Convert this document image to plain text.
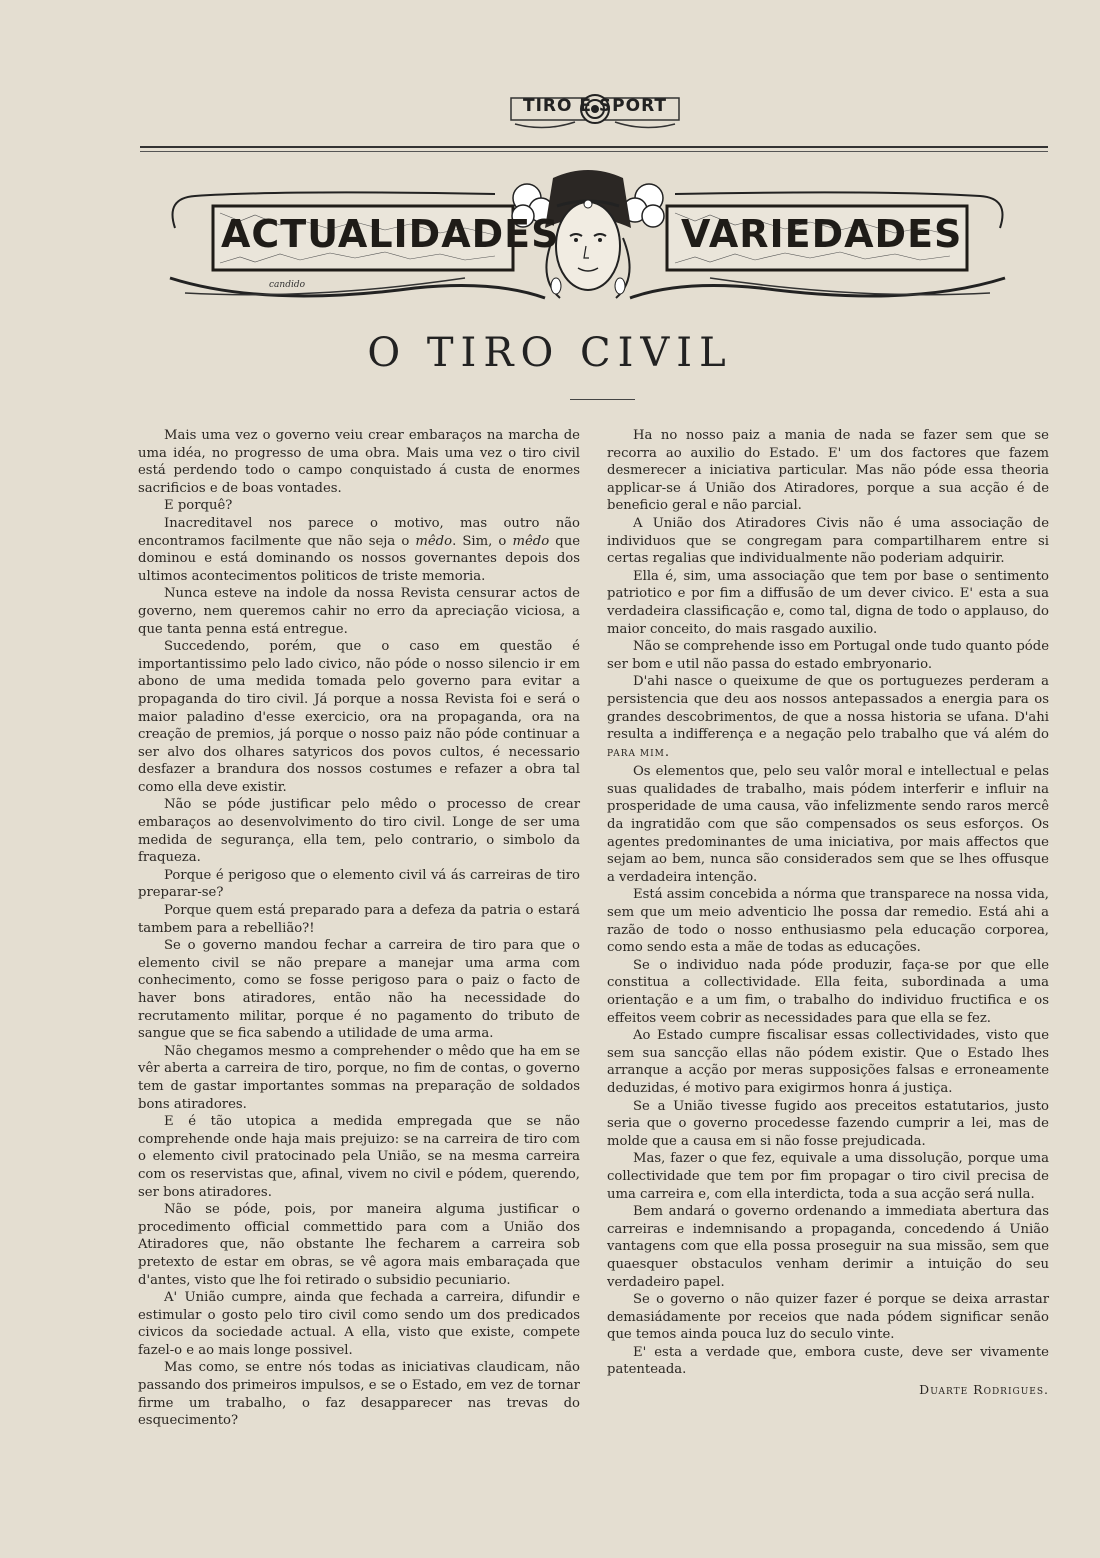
TIRO E SPORT
ACTUALIDADES	VARIEDADES
candido
O TIRO CIVIL

Mais uma vez o governo veiu crear embaraços na marcha de uma idéa, no progresso de uma obra. Mais uma vez o tiro civil está perdendo todo o campo conquistado á custa de enormes sacrificios e de boas vontades.

E porquê?

Inacreditavel nos parece o motivo, mas outro não encontramos facilmente que não seja o mêdo. Sim, o mêdo que dominou e está dominando os nossos governantes depois dos ultimos acontecimentos politicos de triste memoria.

Nunca esteve na indole da nossa Revista censurar actos de governo, nem queremos cahir no erro da apreciação viciosa, a que tanta penna está entregue.

Succedendo, porém, que o caso em questão é importantissimo pelo lado civico, não póde o nosso silencio ir em abono de uma medida tomada pelo governo para evitar a propaganda do tiro civil. Já porque a nossa Revista foi e será o maior paladino d'esse exercicio, ora na propaganda, ora na creação de premios, já porque o nosso paiz não póde continuar a ser alvo dos olhares satyricos dos povos cultos, é necessario desfazer a brandura dos nossos costumes e refazer a obra tal como ella deve existir.

Não se póde justificar pelo mêdo o processo de crear embaraços ao desenvolvimento do tiro civil. Longe de ser uma medida de segurança, ella tem, pelo contrario, o simbolo da fraqueza.

Porque é perigoso que o elemento civil vá ás carreiras de tiro preparar-se?

Porque quem está preparado para a defeza da patria o estará tambem para a rebellião?!

Se o governo mandou fechar a carreira de tiro para que o elemento civil se não prepare a manejar uma arma com conhecimento, como se fosse perigoso para o paiz o facto de haver bons atiradores, então não ha necessidade do recrutamento militar, porque é no pagamento do tributo de sangue que se fica sabendo a utilidade de uma arma.

Não chegamos mesmo a comprehender o mêdo que ha em se vêr aberta a carreira de tiro, porque, no fim de contas, o governo tem de gastar importantes sommas na preparação de soldados bons atiradores.

E é tão utopica a medida empregada que se não comprehende onde haja mais prejuizo: se na carreira de tiro com o elemento civil pratocinado pela União, se na mesma carreira com os reservistas que, afinal, vivem no civil e pódem, querendo, ser bons atiradores.

Não se póde, pois, por maneira alguma justificar o procedimento official commettido para com a União dos Atiradores que, não obstante lhe fecharem a carreira sob pretexto de estar em obras, se vê agora mais embaraçada que d'antes, visto que lhe foi retirado o subsidio pecuniario.

A' União cumpre, ainda que fechada a carreira, difundir e estimular o gosto pelo tiro civil como sendo um dos predicados civicos da sociedade actual. A ella, visto que existe, compete fazel-o e ao mais longe possivel.

Mas como, se entre nós todas as iniciativas claudicam, não passando dos primeiros impulsos, e se o Estado, em vez de tornar firme um trabalho, o faz desapparecer nas trevas do esquecimento?

Ha no nosso paiz a mania de nada se fazer sem que se recorra ao auxilio do Estado. E' um dos factores que fazem desmerecer a iniciativa particular. Mas não póde essa theoria applicar-se á União dos Atiradores, porque a sua acção é de beneficio geral e não parcial.

A União dos Atiradores Civis não é uma associação de individuos que se congregam para compartilharem entre si certas regalias que individualmente não poderiam adquirir.

Ella é, sim, uma associação que tem por base o sentimento patriotico e por fim a diffusão de um dever civico. E' esta a sua verdadeira classificação e, como tal, digna de todo o applauso, do maior conceito, do mais rasgado auxilio.

Não se comprehende isso em Portugal onde tudo quanto póde ser bom e util não passa do estado embryonario.

D'ahi nasce o queixume de que os portuguezes perderam a persistencia que deu aos nossos antepassados a energia para os grandes descobrimentos, de que a nossa historia se ufana. D'ahi resulta a indifferença e a negação pelo trabalho que vá além do PARA MIM.

Os elementos que, pelo seu valôr moral e intellectual e pelas suas qualidades de trabalho, mais pódem interferir e influir na prosperidade de uma causa, vão infelizmente sendo raros mercê da ingratidão com que são compensados os seus esforços. Os agentes predominantes de uma iniciativa, por mais affectos que sejam ao bem, nunca são considerados sem que se lhes offusque a verdadeira intenção.

Está assim concebida a nórma que transparece na nossa vida, sem que um meio adventicio lhe possa dar remedio. Está ahi a razão de todo o nosso enthusiasmo pela educação corporea, como sendo esta a mãe de todas as educações.

Se o individuo nada póde produzir, faça-se por que elle constitua a collectividade. Ella feita, subordinada a uma orientação e a um fim, o trabalho do individuo fructifica e os effeitos veem cobrir as necessidades para que ella se fez.

Ao Estado cumpre fiscalisar essas collectividades, visto que sem sua sancção ellas não pódem existir. Que o Estado lhes arranque a acção por meras supposições falsas e erroneamente deduzidas, é motivo para exigirmos honra á justiça.

Se a União tivesse fugido aos preceitos estatutarios, justo seria que o governo procedesse fazendo cumprir a lei, mas de molde que a causa em si não fosse prejudicada.

Mas, fazer o que fez, equivale a uma dissolução, porque uma collectividade que tem por fim propagar o tiro civil precisa de uma carreira e, com ella interdicta, toda a sua acção será nulla.

Bem andará o governo ordenando a immediata abertura das carreiras e indemnisando a propaganda, concedendo á União vantagens com que ella possa proseguir na sua missão, sem que quaesquer obstaculos venham derimir a intuição do seu verdadeiro papel.

Se o governo o não quizer fazer é porque se deixa arrastar demasiádamente por receios que nada pódem significar senão que temos ainda pouca luz do seculo vinte.

E' esta a verdade que, embora custe, deve ser vivamente patenteada.

Duarte Rodrigues.
